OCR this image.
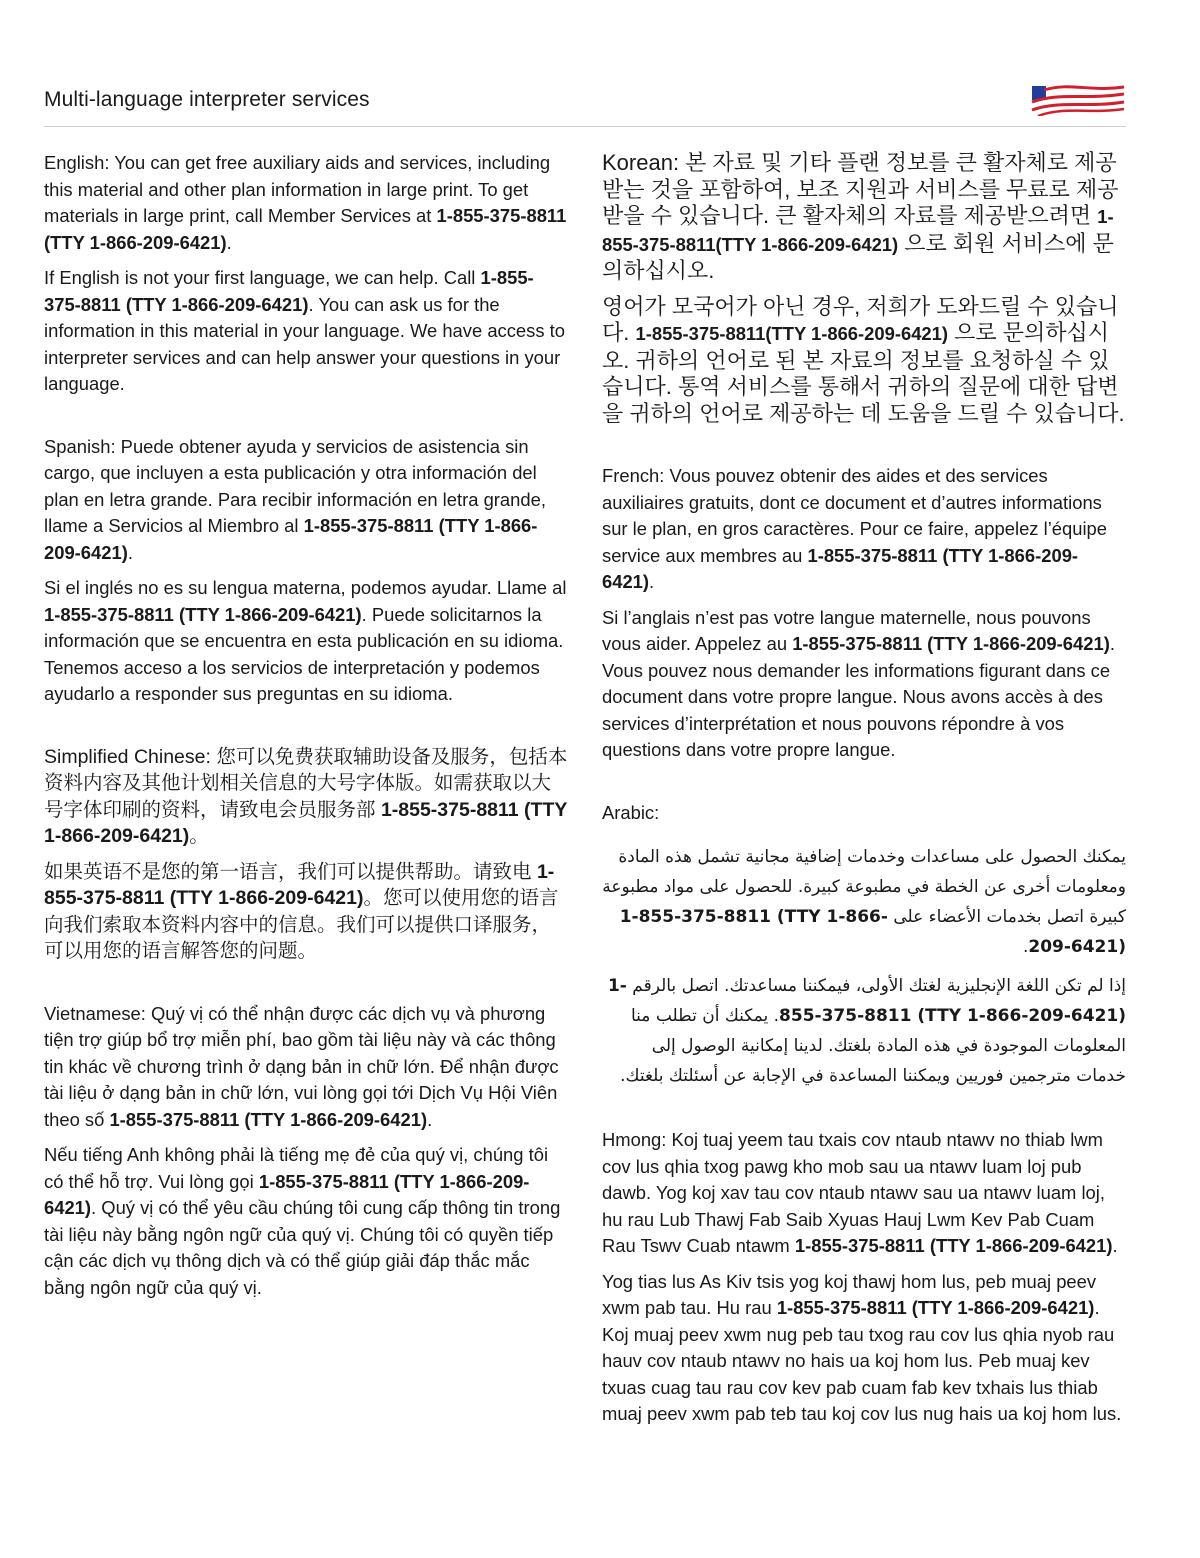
Multi-language interpreter services

English: You can get free auxiliary aids and services, including this material and other plan information in large print. To get materials in large print, call Member Services at 1-855-375-8811 (TTY 1-866-209-6421).

If English is not your first language, we can help. Call 1-855-375-8811 (TTY 1-866-209-6421). You can ask us for the information in this material in your language. We have access to interpreter services and can help answer your questions in your language.

Spanish: Puede obtener ayuda y servicios de asistencia sin cargo, que incluyen a esta publicación y otra información del plan en letra grande. Para recibir información en letra grande, llame a Servicios al Miembro al 1-855-375-8811 (TTY 1-866-209-6421).

Si el inglés no es su lengua materna, podemos ayudar. Llame al 1-855-375-8811 (TTY 1-866-209-6421). Puede solicitarnos la información que se encuentra en esta publicación en su idioma. Tenemos acceso a los servicios de interpretación y podemos ayudarlo a responder sus preguntas en su idioma.

Simplified Chinese: 您可以免费获取辅助设备及服务，包括本资料内容及其他计划相关信息的大号字体版。如需获取以大号字体印刷的资料，请致电会员服务部 1-855-375-8811 (TTY 1-866-209-6421)。

如果英语不是您的第一语言，我们可以提供帮助。请致电 1-855-375-8811 (TTY 1-866-209-6421)。您可以使用您的语言向我们索取本资料内容中的信息。我们可以提供口译服务，可以用您的语言解答您的问题。

Vietnamese: Quý vị có thể nhận được các dịch vụ và phương tiện trợ giúp bổ trợ miễn phí, bao gồm tài liệu này và các thông tin khác về chương trình ở dạng bản in chữ lớn. Để nhận được tài liệu ở dạng bản in chữ lớn, vui lòng gọi tới Dịch Vụ Hội Viên theo số 1-855-375-8811 (TTY 1-866-209-6421).

Nếu tiếng Anh không phải là tiếng mẹ đẻ của quý vị, chúng tôi có thể hỗ trợ. Vui lòng gọi 1-855-375-8811 (TTY 1-866-209-6421). Quý vị có thể yêu cầu chúng tôi cung cấp thông tin trong tài liệu này bằng ngôn ngữ của quý vị. Chúng tôi có quyền tiếp cận các dịch vụ thông dịch và có thể giúp giải đáp thắc mắc bằng ngôn ngữ của quý vị.

Korean: 본 자료 및 기타 플랜 정보를 큰 활자체로 제공받는 것을 포함하여, 보조 지원과 서비스를 무료로 제공받을 수 있습니다. 큰 활자체의 자료를 제공받으려면 1-855-375-8811(TTY 1-866-209-6421) 으로 회원 서비스에 문의하십시오.

영어가 모국어가 아닌 경우, 저희가 도와드릴 수 있습니다. 1-855-375-8811(TTY 1-866-209-6421) 으로 문의하십시오. 귀하의 언어로 된 본 자료의 정보를 요청하실 수 있습니다. 통역 서비스를 통해서 귀하의 질문에 대한 답변을 귀하의 언어로 제공하는 데 도움을 드릴 수 있습니다.

French: Vous pouvez obtenir des aides et des services auxiliaires gratuits, dont ce document et d’autres informations sur le plan, en gros caractères. Pour ce faire, appelez l’équipe service aux membres au 1-855-375-8811 (TTY 1-866-209-6421).

Si l’anglais n’est pas votre langue maternelle, nous pouvons vous aider. Appelez au 1-855-375-8811 (TTY 1-866-209-6421). Vous pouvez nous demander les informations figurant dans ce document dans votre propre langue. Nous avons accès à des services d’interprétation et nous pouvons répondre à vos questions dans votre propre langue.

Arabic:

يمكنك الحصول على مساعدات وخدمات إضافية مجانية تشمل هذه المادة ومعلومات أخرى عن الخطة في مطبوعة كبيرة. للحصول على مواد مطبوعة كبيرة اتصل بخدمات الأعضاء على 1-855-375-8811 (TTY 1-866-209-6421).

إذا لم تكن اللغة الإنجليزية لغتك الأولى، فيمكننا مساعدتك. اتصل بالرقم 1-855-375-8811 (TTY 1-866-209-6421). يمكنك أن تطلب منا المعلومات الموجودة في هذه المادة بلغتك. لدينا إمكانية الوصول إلى خدمات مترجمين فوريين ويمكننا المساعدة في الإجابة عن أسئلتك بلغتك.

Hmong: Koj tuaj yeem tau txais cov ntaub ntawv no thiab lwm cov lus qhia txog pawg kho mob sau ua ntawv luam loj pub dawb. Yog koj xav tau cov ntaub ntawv sau ua ntawv luam loj, hu rau Lub Thawj Fab Saib Xyuas Hauj Lwm Kev Pab Cuam Rau Tswv Cuab ntawm 1-855-375-8811 (TTY 1-866-209-6421).

Yog tias lus As Kiv tsis yog koj thawj hom lus, peb muaj peev xwm pab tau. Hu rau 1-855-375-8811 (TTY 1-866-209-6421). Koj muaj peev xwm nug peb tau txog rau cov lus qhia nyob rau hauv cov ntaub ntawv no hais ua koj hom lus. Peb muaj kev txuas cuag tau rau cov kev pab cuam fab kev txhais lus thiab muaj peev xwm pab teb tau koj cov lus nug hais ua koj hom lus.
